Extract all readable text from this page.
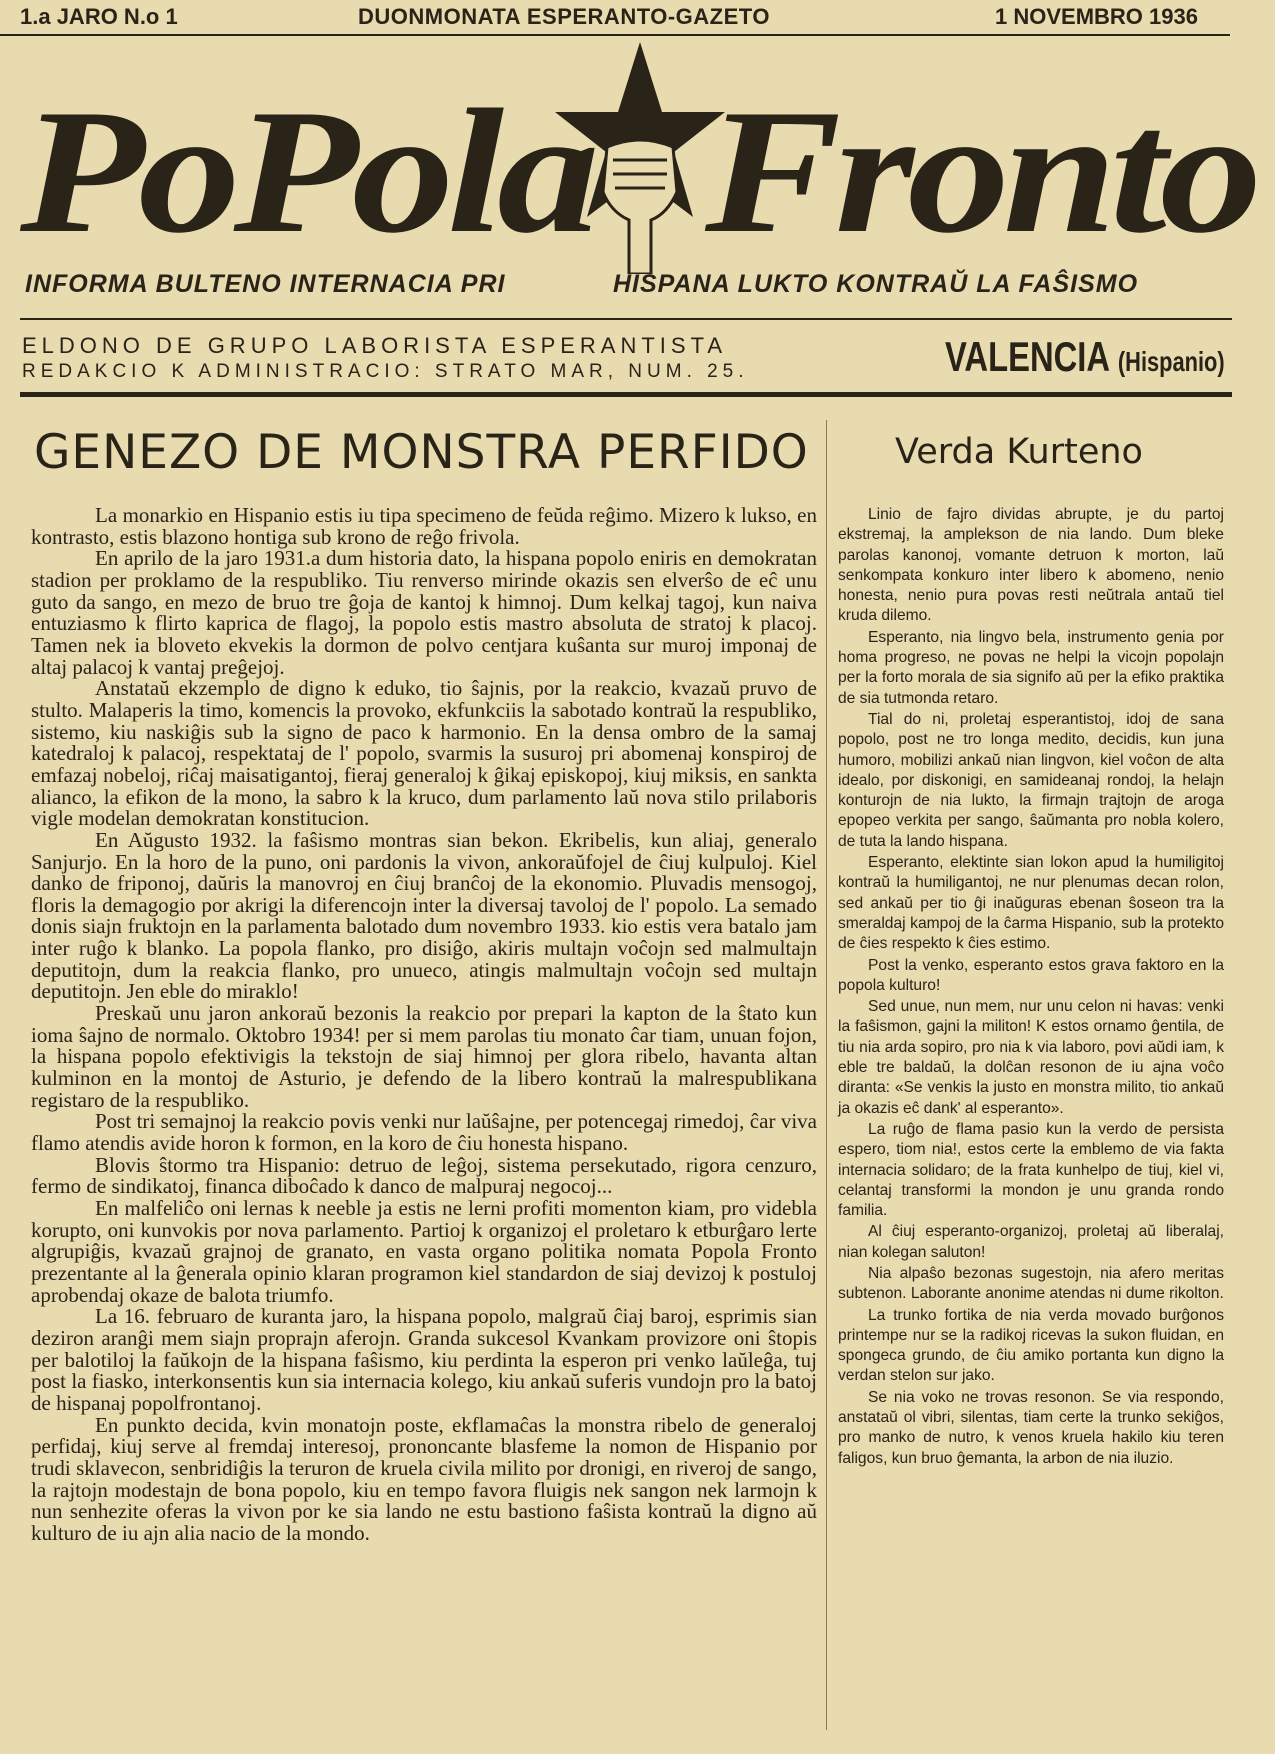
1.a JARO N.o 1	DUONMONATA ESPERANTO-GAZETO	1 NOVEMBRO 1936
PoPola Fronto
INFORMA BULTENO INTERNACIA PRI	HISPANA LUKTO KONTRAŬ LA FAŜISMO
ELDONO DE GRUPO LABORISTA ESPERANTISTA
REDAKCIO K ADMINISTRACIO: STRATO MAR, NUM. 25.	VALENCIA (Hispanio)
GENEZO DE MONSTRA PERFIDO Verda Kurteno

La monarkio en Hispanio estis iu tipa specimeno de feŭda reĝimo. Mizero k lukso, en kontrasto, estis blazono hontiga sub krono de reĝo frivola.

En aprilo de la jaro 1931.a dum historia dato, la hispana popolo eniris en demokratan stadion per proklamo de la respubliko. Tiu renverso mirinde okazis sen elverŝo de eĉ unu guto da sango, en mezo de bruo tre ĝoja de kantoj k himnoj. Dum kelkaj tagoj, kun naiva entuziasmo k flirto kaprica de flagoj, la popolo estis mastro absoluta de stratoj k placoj. Tamen nek ia bloveto ekvekis la dormon de polvo centjara kuŝanta sur muroj imponaj de altaj palacoj k vantaj preĝejoj.

Anstataŭ ekzemplo de digno k eduko, tio ŝajnis, por la reakcio, kvazaŭ pruvo de stulto. Malaperis la timo, komencis la provoko, ekfunkciis la sabotado kontraŭ la respubliko, sistemo, kiu naskiĝis sub la signo de paco k harmonio. En la densa ombro de la samaj katedraloj k palacoj, respektataj de l' popolo, svarmis la susuroj pri abomenaj konspiroj de emfazaj nobeloj, riĉaj maisatigantoj, fieraj generaloj k ĝikaj episkopoj, kiuj miksis, en sankta alianco, la efikon de la mono, la sabro k la kruco, dum parlamento laŭ nova stilo prilaboris vigle modelan demokratan konstitucion.

En Aŭgusto 1932. la faŝismo montras sian bekon. Ekribelis, kun aliaj, generalo Sanjurjo. En la horo de la puno, oni pardonis la vivon, ankoraŭfojel de ĉiuj kulpuloj. Kiel danko de friponoj, daŭris la manovroj en ĉiuj branĉoj de la ekonomio. Pluvadis mensogoj, floris la demagogio por akrigi la diferencojn inter la diversaj tavoloj de l' popolo. La semado donis siajn fruktojn en la parlamenta balotado dum novembro 1933. kio estis vera batalo jam inter ruĝo k blanko. La popola flanko, pro disiĝo, akiris multajn voĉojn sed malmultajn deputitojn, dum la reakcia flanko, pro unueco, atingis malmultajn voĉojn sed multajn deputitojn. Jen eble do miraklo!

Preskaŭ unu jaron ankoraŭ bezonis la reakcio por prepari la kapton de la ŝtato kun ioma ŝajno de normalo. Oktobro 1934! per si mem parolas tiu monato ĉar tiam, unuan fojon, la hispana popolo efektivigis la tekstojn de siaj himnoj per glora ribelo, havanta altan kulminon en la montoj de Asturio, je defendo de la libero kontraŭ la malrespublikana registaro de la respubliko.

Post tri semajnoj la reakcio povis venki nur laŭŝajne, per potencegaj rimedoj, ĉar viva flamo atendis avide horon k formon, en la koro de ĉiu honesta hispano.

Blovis ŝtormo tra Hispanio: detruo de leĝoj, sistema persekutado, rigora cenzuro, fermo de sindikatoj, financa diboĉado k danco de malpuraj negocoj...

En malfeliĉo oni lernas k neeble ja estis ne lerni profiti momenton kiam, pro videbla korupto, oni kunvokis por nova parlamento. Partioj k organizoj el proletaro k etburĝaro lerte algrupiĝis, kvazaŭ grajnoj de granato, en vasta organo politika nomata Popola Fronto prezentante al la ĝenerala opinio klaran programon kiel standardon de siaj devizoj k postuloj aprobendaj okaze de balota triumfo.

La 16. februaro de kuranta jaro, la hispana popolo, malgraŭ ĉiaj baroj, esprimis sian deziron aranĝi mem siajn proprajn aferojn. Granda sukcesol Kvankam provizore oni ŝtopis per balotiloj la faŭkojn de la hispana faŝismo, kiu perdinta la esperon pri venko laŭleĝa, tuj post la fiasko, interkonsentis kun sia internacia kolego, kiu ankaŭ suferis vundojn pro la batoj de hispanaj popolfrontanoj.

En punkto decida, kvin monatojn poste, ekflamaĉas la monstra ribelo de generaloj perfidaj, kiuj serve al fremdaj interesoj, prononcante blasfeme la nomon de Hispanio por trudi sklavecon, senbridiĝis la teruron de kruela civila milito por dronigi, en riveroj de sango, la rajtojn modestajn de bona popolo, kiu en tempo favora fluigis nek sangon nek larmojn k nun senhezite oferas la vivon por ke sia lando ne estu bastiono faŝista kontraŭ la digno aŭ kulturo de iu ajn alia nacio de la mondo.

Linio de fajro dividas abrupte, je du partoj ekstremaj, la amplekson de nia lando. Dum bleke parolas kanonoj, vomante detruon k morton, laŭ senkompata konkuro inter libero k abomeno, nenio honesta, nenio pura povas resti neŭtrala antaŭ tiel kruda dilemo.

Esperanto, nia lingvo bela, instrumento genia por homa progreso, ne povas ne helpi la vicojn popolajn per la forto morala de sia signifo aŭ per la efiko praktika de sia tutmonda retaro.

Tial do ni, proletaj esperantistoj, idoj de sana popolo, post ne tro longa medito, decidis, kun juna humoro, mobilizi ankaŭ nian lingvon, kiel voĉon de alta idealo, por diskonigi, en samideanaj rondoj, la helajn konturojn de nia lukto, la firmajn trajtojn de aroga epopeo verkita per sango, ŝaŭmanta pro nobla kolero, de tuta la lando hispana.

Esperanto, elektinte sian lokon apud la humiligitoj kontraŭ la humiligantoj, ne nur plenumas decan rolon, sed ankaŭ per tio ĝi inaŭguras ebenan ŝoseon tra la smeraldaj kampoj de la ĉarma Hispanio, sub la protekto de ĉies respekto k ĉies estimo.

Post la venko, esperanto estos grava faktoro en la popola kulturo!

Sed unue, nun mem, nur unu celon ni havas: venki la faŝismon, gajni la militon! K estos ornamo ĝentila, de tiu nia arda sopiro, pro nia k via laboro, povi aŭdi iam, k eble tre baldaŭ, la dolĉan resonon de iu ajna voĉo diranta: «Se venkis la justo en monstra milito, tio ankaŭ ja okazis eĉ dank' al esperanto».

La ruĝo de flama pasio kun la verdo de persista espero, tiom nia!, estos certe la emblemo de via fakta internacia solidaro; de la frata kunhelpo de tiuj, kiel vi, celantaj transformi la mondon je unu granda rondo familia.

Al ĉiuj esperanto-organizoj, proletaj aŭ liberalaj, nian kolegan saluton!

Nia alpaŝo bezonas sugestojn, nia afero meritas subtenon. Laborante anonime atendas ni dume rikolton.

La trunko fortika de nia verda movado burĝonos printempe nur se la radikoj ricevas la sukon fluidan, en spongeca grundo, de ĉiu amiko portanta kun digno la verdan stelon sur jako.

Se nia voko ne trovas resonon. Se via respondo, anstataŭ ol vibri, silentas, tiam certe la trunko sekiĝos, pro manko de nutro, k venos kruela hakilo kiu teren faligos, kun bruo ĝemanta, la arbon de nia iluzio.
